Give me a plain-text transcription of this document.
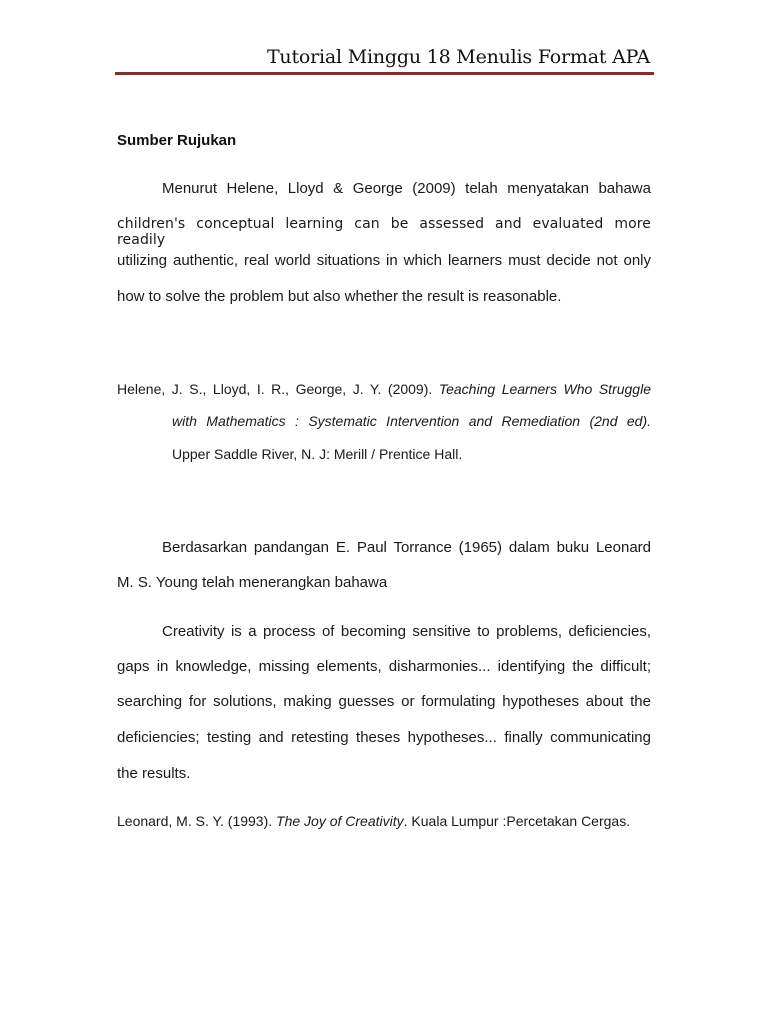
Tutorial Minggu 18 Menulis Format APA
Sumber Rujukan
Menurut Helene, Lloyd & George (2009) telah menyatakan bahawa
children's conceptual learning can be assessed and evaluated more readily
utilizing authentic, real world situations in which learners must decide not only
how to solve the problem but also whether the result is reasonable.
Helene, J. S., Lloyd, I. R., George, J. Y. (2009). Teaching Learners Who Struggle
with Mathematics : Systematic Intervention and Remediation (2nd ed).
Upper Saddle River, N. J: Merill / Prentice Hall.
Berdasarkan pandangan E. Paul Torrance (1965) dalam buku Leonard
M. S. Young telah menerangkan bahawa
Creativity is a process of becoming sensitive to problems, deficiencies,
gaps in knowledge, missing elements, disharmonies... identifying the difficult;
searching for solutions, making guesses or formulating hypotheses about the
deficiencies; testing and retesting theses hypotheses... finally communicating
the results.
Leonard, M. S. Y. (1993). The Joy of Creativity. Kuala Lumpur :Percetakan Cergas.
